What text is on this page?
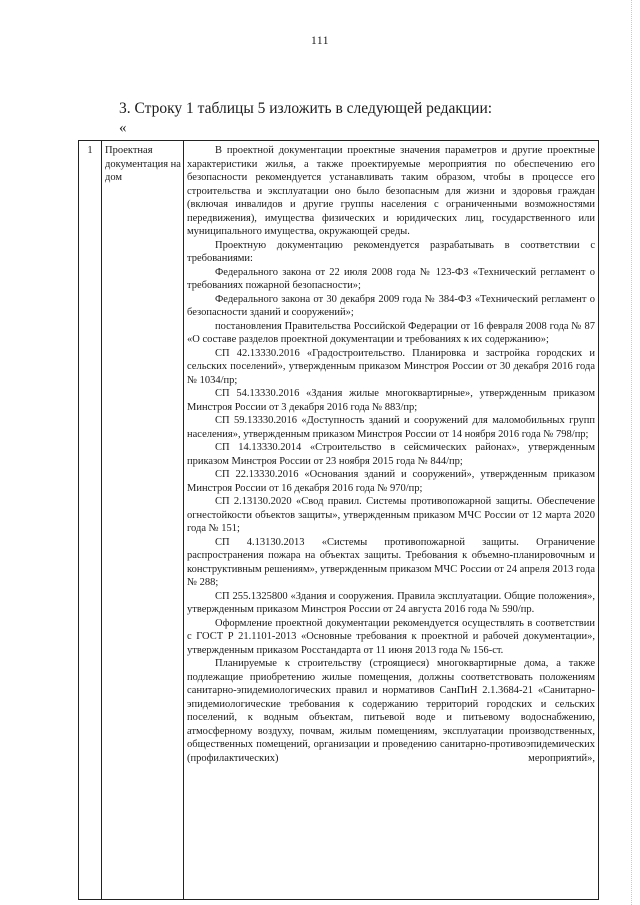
111
3. Строку 1 таблицы 5 изложить в следующей редакции:
«
1	Проектная документация на дом

В проектной документации проектные значения параметров и другие проектные характеристики жилья, а также проектируемые мероприятия по обеспечению его безопасности рекомендуется устанавливать таким образом, чтобы в процессе его строительства и эксплуатации оно было безопасным для жизни и здоровья граждан (включая инвалидов и другие группы населения с ограниченными возможностями передвижения), имущества физических и юридических лиц, государственного или муниципального имущества, окружающей среды.

Проектную документацию рекомендуется разрабатывать в соответствии с требованиями:

Федерального закона от 22 июля 2008 года № 123-ФЗ «Технический регламент о требованиях пожарной безопасности»;

Федерального закона от 30 декабря 2009 года № 384-ФЗ «Технический регламент о безопасности зданий и сооружений»;

постановления Правительства Российской Федерации от 16 февраля 2008 года № 87 «О составе разделов проектной документации и требованиях к их содержанию»;

СП 42.13330.2016 «Градостроительство. Планировка и застройка городских и сельских поселений», утвержденным приказом Минстроя России от 30 декабря 2016 года № 1034/пр;

СП 54.13330.2016 «Здания жилые многоквартирные», утвержденным приказом Минстроя России от 3 декабря 2016 года № 883/пр;

СП 59.13330.2016 «Доступность зданий и сооружений для маломобильных групп населения», утвержденным приказом Минстроя России от 14 ноября 2016 года № 798/пр;

СП 14.13330.2014 «Строительство в сейсмических районах», утвержденным приказом Минстроя России от 23 ноября 2015 года № 844/пр;

СП 22.13330.2016 «Основания зданий и сооружений», утвержденным приказом Минстроя России от 16 декабря 2016 года № 970/пр;

СП 2.13130.2020 «Свод правил. Системы противопожарной защиты. Обеспечение огнестойкости объектов защиты», утвержденным приказом МЧС России от 12 марта 2020 года № 151;

СП 4.13130.2013 «Системы противопожарной защиты. Ограничение распространения пожара на объектах защиты. Требования к объемно-планировочным и конструктивным решениям», утвержденным приказом МЧС России от 24 апреля 2013 года № 288;

СП 255.1325800 «Здания и сооружения. Правила эксплуатации. Общие положения», утвержденным приказом Минстроя России от 24 августа 2016 года № 590/пр.

Оформление проектной документации рекомендуется осуществлять в соответствии с ГОСТ Р 21.1101-2013 «Основные требования к проектной и рабочей документации», утвержденным приказом Росстандарта от 11 июня 2013 года № 156-ст.

Планируемые к строительству (строящиеся) многоквартирные дома, а также подлежащие приобретению жилые помещения, должны соответствовать положениям санитарно-эпидемиологических правил и нормативов СанПиН 2.1.3684-21 «Санитарно-эпидемиологические требования к содержанию территорий городских и сельских поселений, к водным объектам, питьевой воде и питьевому водоснабжению, атмосферному воздуху, почвам, жилым помещениям, эксплуатации производственных, общественных помещений, организации и проведению санитарно-противоэпидемических (профилактических) мероприятий»,
